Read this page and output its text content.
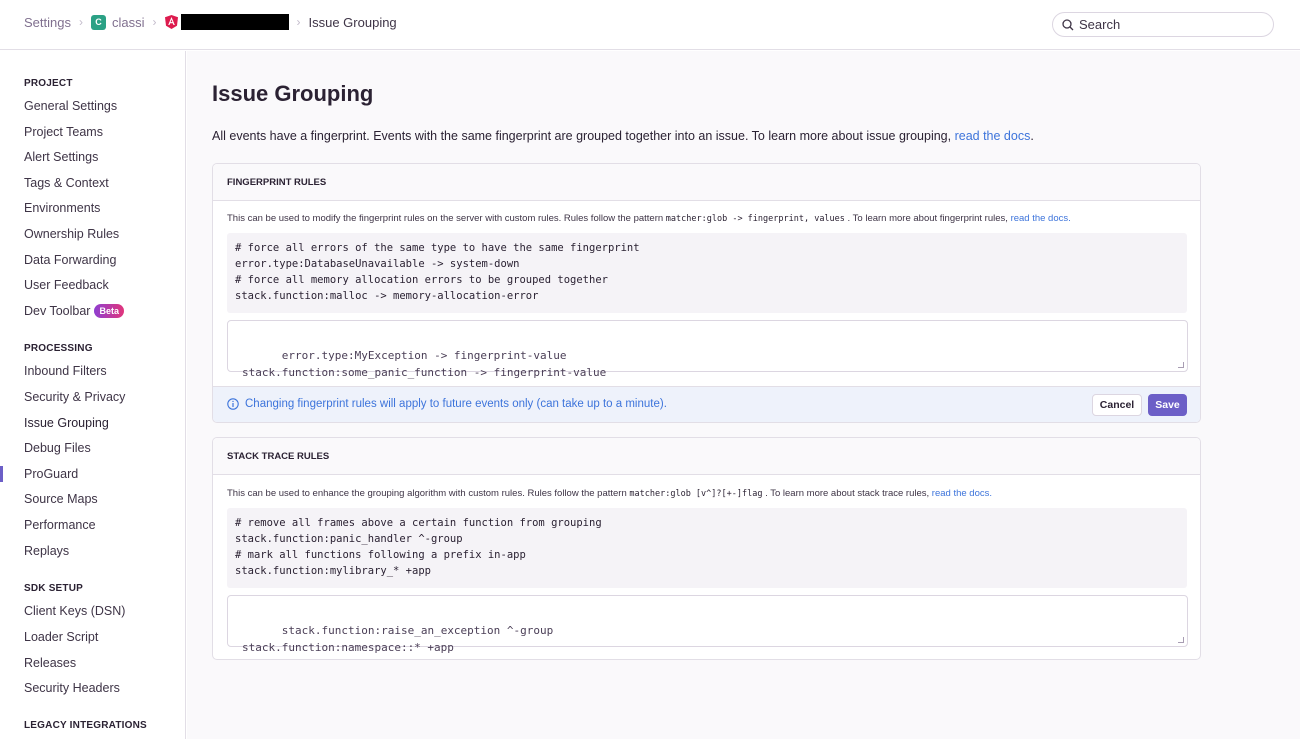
Settings ›	C classi ›	› Issue Grouping	Search
PROJECT
General Settings
Project Teams
Alert Settings
Tags & Context
Environments
Ownership Rules
Data Forwarding
User Feedback
Dev Toolbar	Beta
PROCESSING
Inbound Filters
Security & Privacy
Issue Grouping
Debug Files
ProGuard
Source Maps
Performance
Replays
SDK SETUP
Client Keys (DSN)
Loader Script
Releases
Security Headers
LEGACY INTEGRATIONS
Issue Grouping
All events have a fingerprint. Events with the same fingerprint are grouped together into an issue. To learn more about issue grouping, read the docs.
FINGERPRINT RULES
This can be used to modify the fingerprint rules on the server with custom rules. Rules follow the pattern matcher:glob -> fingerprint, values . To learn more about fingerprint rules, read the docs.
# force all errors of the same type to have the same fingerprint
error.type:DatabaseUnavailable -> system-down
# force all memory allocation errors to be grouped together
stack.function:malloc -> memory-allocation-error

error.type:MyException -> fingerprint-value
stack.function:some_panic_function -> fingerprint-value

Changing fingerprint rules will apply to future events only (can take up to a minute).	Cancel	Save
STACK TRACE RULES
This can be used to enhance the grouping algorithm with custom rules. Rules follow the pattern matcher:glob [v^]?[+-]flag . To learn more about stack trace rules, read the docs.
# remove all frames above a certain function from grouping
stack.function:panic_handler ^-group
# mark all functions following a prefix in-app
stack.function:mylibrary_* +app

stack.function:raise_an_exception ^-group
stack.function:namespace::* +app
